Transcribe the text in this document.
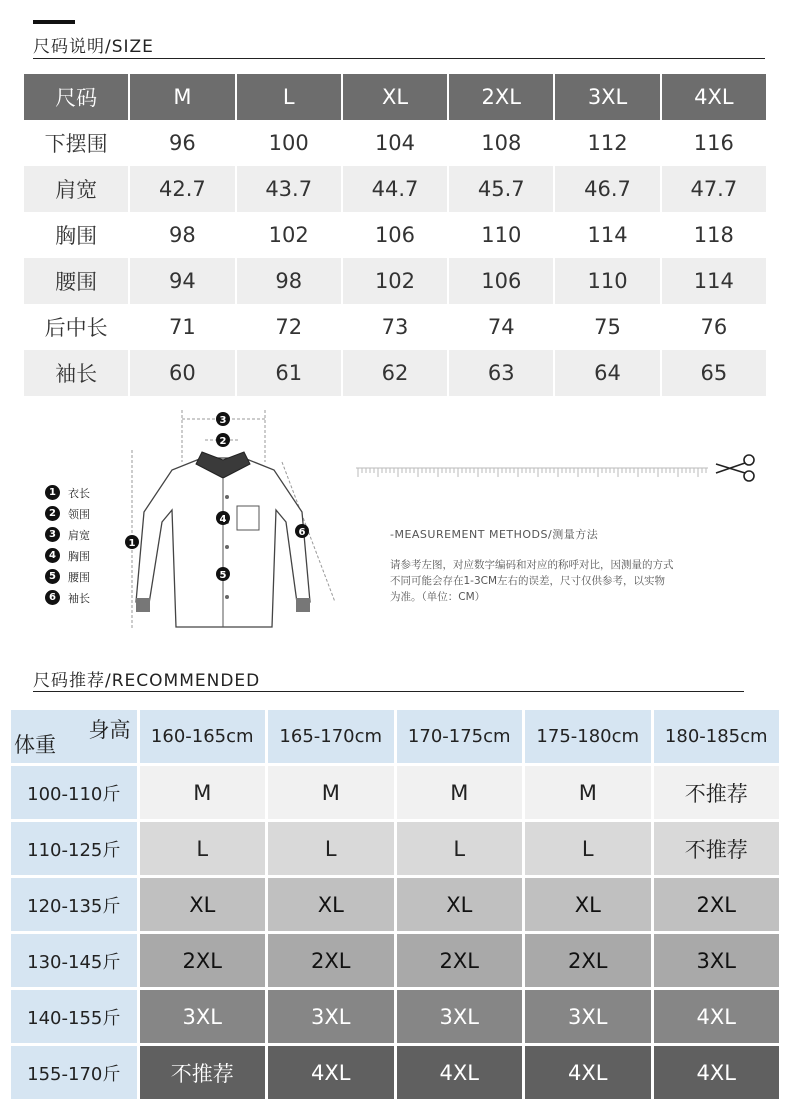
尺码说明/SIZE
尺码	M	L	XL	2XL	3XL	4XL
下摆围	96	100	104	108	112	116
肩宽	42.7	43.7	44.7	45.7	46.7	47.7
胸围	98	102	106	110	114	118
腰围	94	98	102	106	110	114
后中长	71	72	73	74	75	76
袖长	60	61	62	63	64	65
3
2
1
4
5
6
1	衣长
2	领围
3	肩宽
4	胸围
5	腰围
6	袖长
-MEASUREMENT METHODS/测量方法
请参考左图，对应数字编码和对应的称呼对比，因测量的方式
不同可能会存在1-3CM左右的误差，尺寸仅供参考，以实物
为准。（单位：CM）
尺码推荐/RECOMMENDED
身高
体重	160-165cm	165-170cm	170-175cm	175-180cm	180-185cm
100-110斤	M	M	M	M	不推荐
110-125斤	L	L	L	L	不推荐
120-135斤	XL	XL	XL	XL	2XL
130-145斤	2XL	2XL	2XL	2XL	3XL
140-155斤	3XL	3XL	3XL	3XL	4XL
155-170斤	不推荐	4XL	4XL	4XL	4XL
